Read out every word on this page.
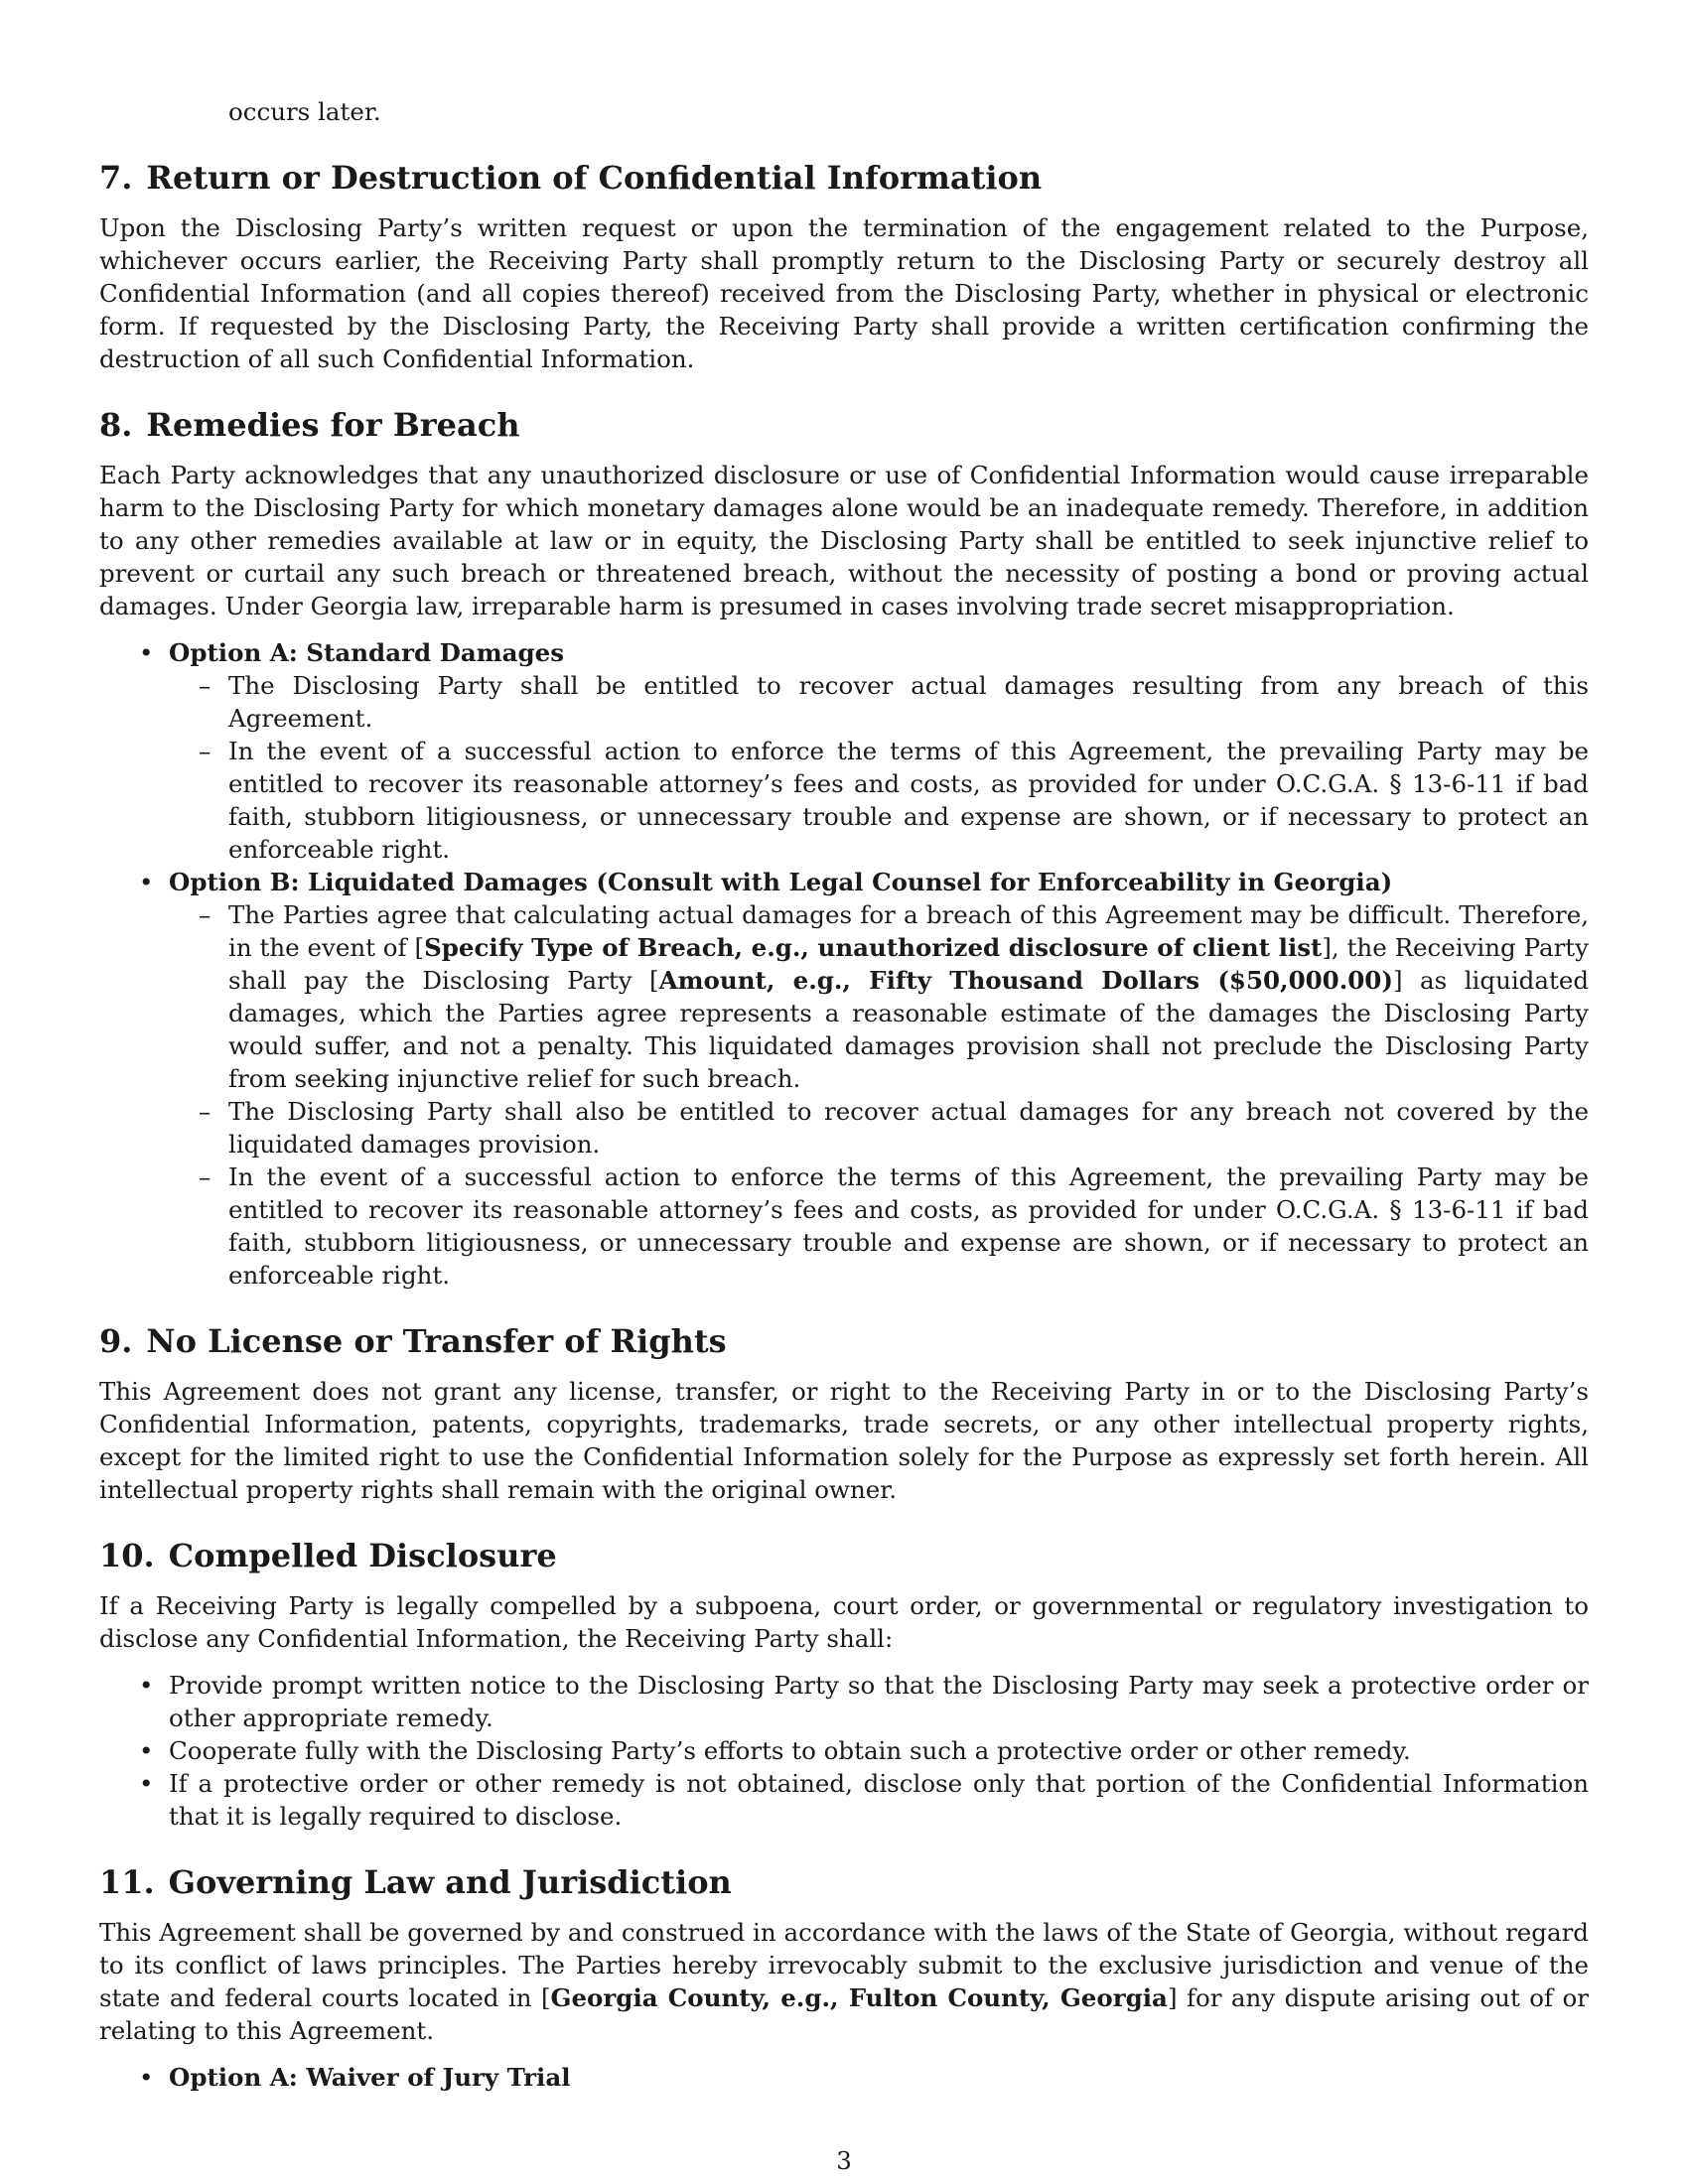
occurs later.
7. Return or Destruction of Confidential Information

Upon the Disclosing Party’s written request or upon the termination of the engagement related to the Purpose, whichever occurs earlier, the Receiving Party shall promptly return to the Disclosing Party or securely destroy all Confidential Information (and all copies thereof) received from the Disclosing Party, whether in physical or electronic form. If requested by the Disclosing Party, the Receiving Party shall provide a written certification confirming the destruction of all such Confidential Information.

8. Remedies for Breach

Each Party acknowledges that any unauthorized disclosure or use of Confidential Information would cause irreparable harm to the Disclosing Party for which monetary damages alone would be an inadequate remedy. Therefore, in addition to any other remedies available at law or in equity, the Disclosing Party shall be entitled to seek injunctive relief to prevent or curtail any such breach or threatened breach, without the necessity of posting a bond or proving actual damages. Under Georgia law, irreparable harm is presumed in cases involving trade secret misappropriation.

• Option A: Standard Damages
– The Disclosing Party shall be entitled to recover actual damages resulting from any breach of this Agreement.
– In the event of a successful action to enforce the terms of this Agreement, the prevailing Party may be entitled to recover its reasonable attorney’s fees and costs, as provided for under O.C.G.A. § 13-6-11 if bad faith, stubborn litigiousness, or unnecessary trouble and expense are shown, or if necessary to protect an enforceable right.
• Option B: Liquidated Damages (Consult with Legal Counsel for Enforceability in Georgia)
– The Parties agree that calculating actual damages for a breach of this Agreement may be difficult. Therefore, in the event of [Specify Type of Breach, e.g., unauthorized disclosure of client list], the Receiving Party shall pay the Disclosing Party [Amount, e.g., Fifty Thousand Dollars ($50,000.00)] as liquidated damages, which the Parties agree represents a reasonable estimate of the damages the Disclosing Party would suffer, and not a penalty. This liquidated damages provision shall not preclude the Disclosing Party from seeking injunctive relief for such breach.
– The Disclosing Party shall also be entitled to recover actual damages for any breach not covered by the liquidated damages provision.
– In the event of a successful action to enforce the terms of this Agreement, the prevailing Party may be entitled to recover its reasonable attorney’s fees and costs, as provided for under O.C.G.A. § 13-6-11 if bad faith, stubborn litigiousness, or unnecessary trouble and expense are shown, or if necessary to protect an enforceable right.
9. No License or Transfer of Rights

This Agreement does not grant any license, transfer, or right to the Receiving Party in or to the Disclosing Party’s Confidential Information, patents, copyrights, trademarks, trade secrets, or any other intellectual property rights, except for the limited right to use the Confidential Information solely for the Purpose as expressly set forth herein. All intellectual property rights shall remain with the original owner.

10. Compelled Disclosure

If a Receiving Party is legally compelled by a subpoena, court order, or governmental or regulatory investigation to disclose any Confidential Information, the Receiving Party shall:

• Provide prompt written notice to the Disclosing Party so that the Disclosing Party may seek a protective order or other appropriate remedy.
• Cooperate fully with the Disclosing Party’s efforts to obtain such a protective order or other remedy.
• If a protective order or other remedy is not obtained, disclose only that portion of the Confidential Information that it is legally required to disclose.
11. Governing Law and Jurisdiction

This Agreement shall be governed by and construed in accordance with the laws of the State of Georgia, without regard to its conflict of laws principles. The Parties hereby irrevocably submit to the exclusive jurisdiction and venue of the state and federal courts located in [Georgia County, e.g., Fulton County, Georgia] for any dispute arising out of or relating to this Agreement.

• Option A: Waiver of Jury Trial
3
